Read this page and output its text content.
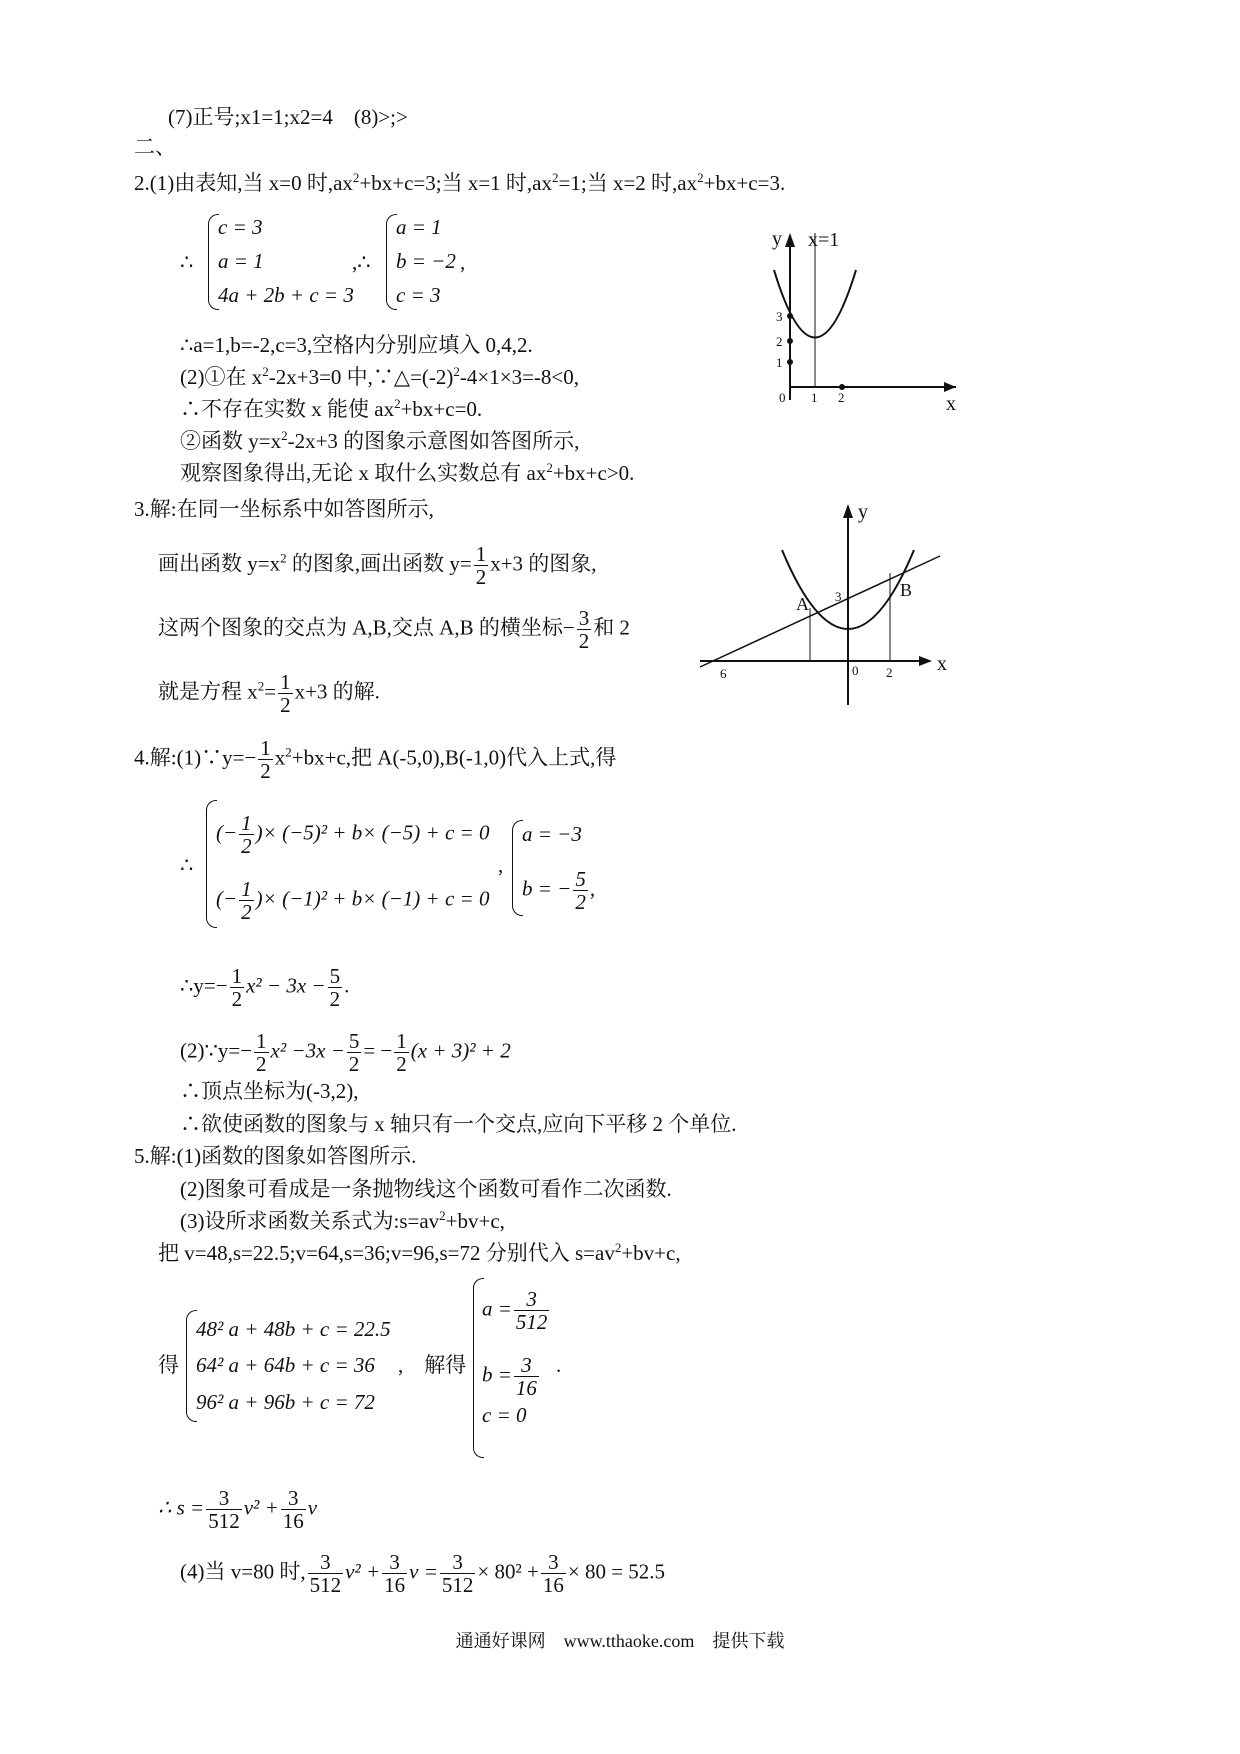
(7)正号;x1=1;x2=4　(8)>;>
二、
2.(1)由表知,当 x=0 时$,ax^2+bx+c=3$;当 x=1 时$,ax^2=1$;当 x=2 时$,ax^2+bx+c=3$.
∴
c = 3
a = 1
4a + 2b + c = 3
,∴
a = 1
b = −2
c = 3
,
∴a=1,b=-2,c=3,空格内分别应填入 0,4,2.
(2)①在 $x^2-2x+3=0$ 中$,\because\triangle=(-2)^2-4\times 1\times 3=-8<0$,
∴不存在实数 x 能使 $ax^2+bx+c=0$.
②函数 $y=x^2-2x+3$ 的图象示意图如答图所示,
观察图象得出,无论 x 取什么实数总有 $ax^2+bx+c>0$.
y x=1
x
3
2
1
0 1 2
3.解:在同一坐标系中如答图所示,
画出函数 $y=x^2$ 的图象,画出函数 $y= \frac{1}{2} x+3$ 的图象,
这两个图象的交点为 A,B,交点 A,B 的横坐标− $\frac{3}{2}$ 和 2
就是方程 $x^2= \frac{1}{2} x+3$ 的解.
y
x
A
B
3
6	0 2
4.解:(1)∵y=− $\frac{1}{2} x^2+bx+c$,把 A(-5,0),B(-1,0)代入上式,得
∴
(− $\frac{1}{2}$ )× (−5)² + b× (−5) + c = 0
(− $\frac{1}{2}$ )× (−1)² + b× (−1) + c = 0
,
a = −3
b = − $\frac{5}{2}$ ,
∴y=− $\frac{1}{2} x^2 - 3x - \frac{5}{2}$ .
(2)∵y=− $\frac{1}{2} x^2 -3x - \frac{5}{2}$ = − $\frac{1}{2} (x + 3)^2 + 2$
∴顶点坐标为(-3,2),
∴欲使函数的图象与 x 轴只有一个交点,应向下平移 2 个单位.
5.解:(1)函数的图象如答图所示.
(2)图象可看成是一条抛物线这个函数可看作二次函数.
(3)设所求函数关系式为$:s=av^2+bv+c$,
把 v=48,s=22.5;v=64,s=36;v=96,s=72 分别代入 $s=av^2+bv+c$,
得
48² a + 48b + c = 22.5
64² a + 64b + c = 36
96² a + 96b + c = 72
,　解得
$a = \frac{3}{512}$
$b = \frac{3}{16}$
c = 0
.
∴ $s = \frac{3}{512} v^2 + \frac{3}{16}$ v
(4)当 v=80 时, $\frac{3}{512} v^2 + \frac{3}{16}$ $v = \frac{3}{512} \times 80^2 + \frac{3}{16} \times 80 = 52.5$
通通好课网　www.tthaoke.com　提供下载
